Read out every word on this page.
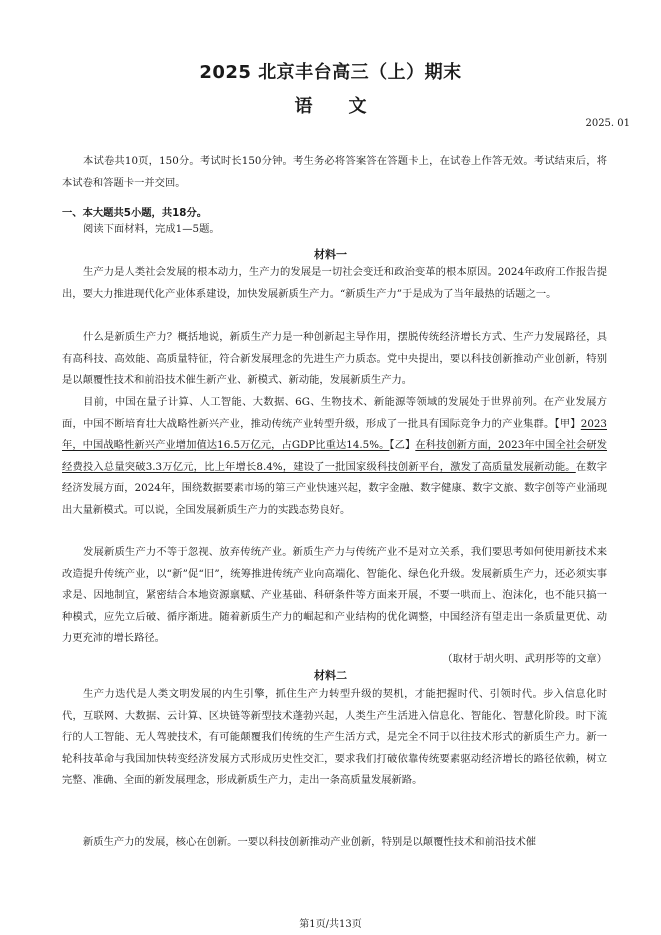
2025 北京丰台高三（上）期末
语　　文
2025. 01
本试卷共10页，150分。考试时长150分钟。考生务必将答案答在答题卡上，在试卷上作答无效。考试结束后，将本试卷和答题卡一并交回。
一、本大题共5小题，共18分。
阅读下面材料，完成1—5题。
材料一
生产力是人类社会发展的根本动力，生产力的发展是一切社会变迁和政治变革的根本原因。2024年政府工作报告提出，要大力推进现代化产业体系建设，加快发展新质生产力。“新质生产力”于是成为了当年最热的话题之一。
什么是新质生产力？概括地说，新质生产力是一种创新起主导作用，摆脱传统经济增长方式、生产力发展路径，具有高科技、高效能、高质量特征，符合新发展理念的先进生产力质态。党中央提出，要以科技创新推动产业创新，特别是以颠覆性技术和前沿技术催生新产业、新模式、新动能，发展新质生产力。
目前，中国在量子计算、人工智能、大数据、6G、生物技术、新能源等领域的发展处于世界前列。在产业发展方面，中国不断培育壮大战略性新兴产业，推动传统产业转型升级，形成了一批具有国际竞争力的产业集群。【甲】2023年，中国战略性新兴产业增加值达16.5万亿元，占GDP比重达14.5%。【乙】在科技创新方面，2023年中国全社会研发经费投入总量突破3.3万亿元，比上年增长8.4%，建设了一批国家级科技创新平台，激发了高质量发展新动能。在数字经济发展方面，2024年，围绕数据要素市场的第三产业快速兴起，数字金融、数字健康、数字文旅、数字创等产业涌现出大量新模式。可以说，全国发展新质生产力的实践态势良好。
发展新质生产力不等于忽视、放弃传统产业。新质生产力与传统产业不是对立关系，我们要思考如何使用新技术来改造提升传统产业，以“新”促“旧”，统筹推进传统产业向高端化、智能化、绿色化升级。发展新质生产力，还必须实事求是、因地制宜，紧密结合本地资源禀赋、产业基础、科研条件等方面来开展，不要一哄而上、泡沫化，也不能只搞一种模式，应先立后破、循序渐进。随着新质生产力的崛起和产业结构的优化调整，中国经济有望走出一条质量更优、动力更充沛的增长路径。
（取材于胡火明、武玥彤等的文章）
材料二
生产力迭代是人类文明发展的内生引擎，抓住生产力转型升级的契机，才能把握时代、引领时代。步入信息化时代，互联网、大数据、云计算、区块链等新型技术蓬勃兴起，人类生产生活进入信息化、智能化、智慧化阶段。时下流行的人工智能、无人驾驶技术，有可能颠覆我们传统的生产生活方式，是完全不同于以往技术形式的新质生产力。新一轮科技革命与我国加快转变经济发展方式形成历史性交汇，要求我们打破依靠传统要素驱动经济增长的路径依赖，树立完整、准确、全面的新发展理念，形成新质生产力，走出一条高质量发展新路。
新质生产力的发展，核心在创新。一要以科技创新推动产业创新，特别是以颠覆性技术和前沿技术催
第1页/共13页
